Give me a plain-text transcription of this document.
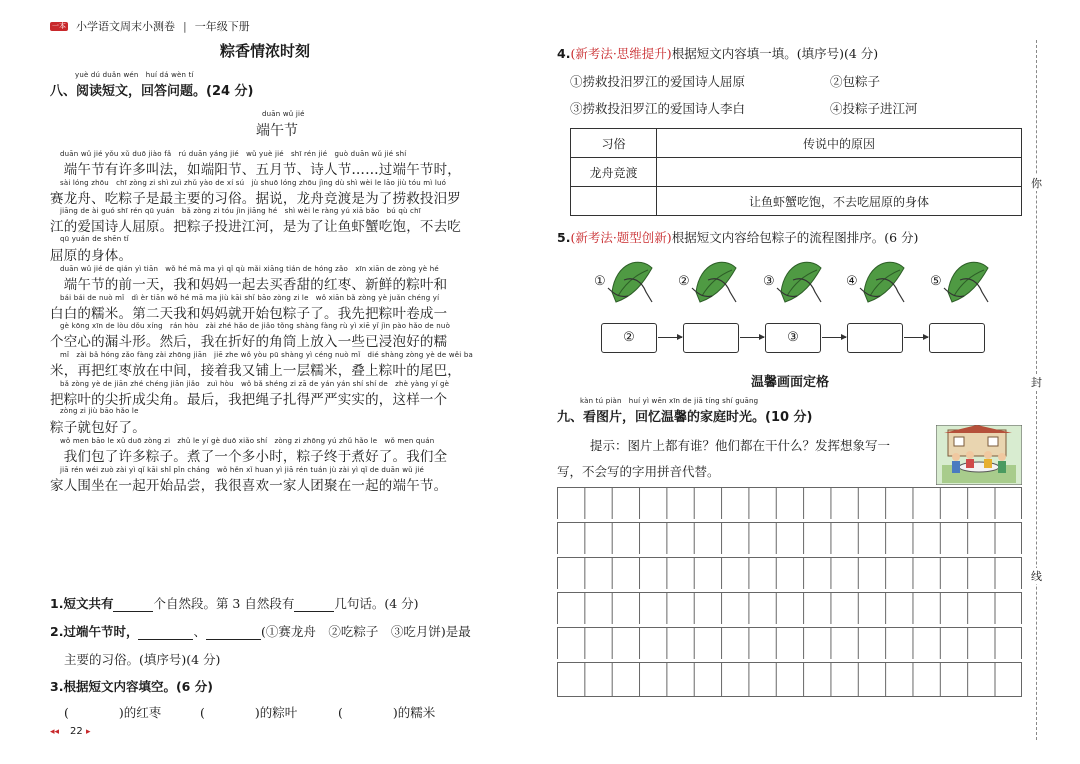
一本 小学语文周末小测卷 | 一年级下册
粽香情浓时刻
yuè dú duǎn wén　huí dá wèn tí
八、阅读短文，回答问题。(24 分)
duān wǔ jié
端午节
duān wǔ jié yǒu xǔ duō jiào fǎ　rú duān yáng jié　wǔ yuè jié　shī rén jié　guò duān wǔ jié shí
　端午节有许多叫法，如端阳节、五月节、诗人节……过端午节时，
sài lóng zhōu　chī zòng zi shì zuì zhǔ yào de xí sú　jù shuō lóng zhōu jìng dù shì wèi le lāo jiù tóu mì luó
赛龙舟、吃粽子是最主要的习俗。据说，龙舟竞渡是为了捞救投汨罗
jiāng de ài guó shī rén qū yuán　bǎ zòng zi tóu jìn jiāng hé　shì wèi le ràng yú xiā bǎo　bú qù chī
江的爱国诗人屈原。把粽子投进江河，是为了让鱼虾蟹吃饱，不去吃
qū yuán de shēn tǐ
屈原的身体。
duān wǔ jié de qián yì tiān　wǒ hé mā ma yì qǐ qù mǎi xiāng tián de hóng zǎo　xīn xiān de zòng yè hé
　端午节的前一天，我和妈妈一起去买香甜的红枣、新鲜的粽叶和
bái bái de nuò mǐ　dì èr tiān wǒ hé mā ma jiù kāi shǐ bāo zòng zi le　wǒ xiān bǎ zòng yè juǎn chéng yí
白白的糯米。第二天我和妈妈就开始包粽子了。我先把粽叶卷成一
gè kōng xīn de lòu dǒu xíng　rán hòu　zài zhé hǎo de jiǎo tǒng shàng fàng rù yì xiē yǐ jìn pào hǎo de nuò
个空心的漏斗形。然后，我在折好的角筒上放入一些已浸泡好的糯
mǐ　zài bǎ hóng zǎo fàng zài zhōng jiān　jiē zhe wǒ yòu pū shàng yì céng nuò mǐ　dié shàng zòng yè de wěi ba
米，再把红枣放在中间，接着我又铺上一层糯米，叠上粽叶的尾巴，
bǎ zòng yè de jiān zhé chéng jiān jiǎo　zuì hòu　wǒ bǎ shéng zi zā de yán yán shí shí de　zhè yàng yí gè
把粽叶的尖折成尖角。最后，我把绳子扎得严严实实的，这样一个
zòng zi jiù bāo hǎo le
粽子就包好了。
wǒ men bāo le xǔ duō zòng zi　zhǔ le yí gè duō xiǎo shí　zòng zi zhōng yú zhǔ hǎo le　wǒ men quán
　我们包了许多粽子。煮了一个多小时，粽子终于煮好了。我们全
jiā rén wéi zuò zài yì qǐ kāi shǐ pǐn cháng　wǒ hěn xǐ huan yì jiā rén tuán jù zài yì qǐ de duān wǔ jié
家人围坐在一起开始品尝，我很喜欢一家人团聚在一起的端午节。
1.短文共有	个自然段。第 3 自然段有	几句话。(4 分)
2.过端午节时，	、	(①赛龙舟　②吃粽子　③吃月饼)是最
主要的习俗。(填序号)(4 分)
3.根据短文内容填空。(6 分)
(　　　　)的红枣	(　　　　)的粽叶	(　　　　)的糯米
◂◂ 22 ▸
4.(新考法·思维提升)根据短文内容填一填。(填序号)(4 分)
①捞救投汨罗江的爱国诗人屈原	②包粽子
③捞救投汨罗江的爱国诗人李白	④投粽子进江河
习俗	传说中的原因
龙舟竞渡	
	让鱼虾蟹吃饱，不去吃屈原的身体
5.(新考法·题型创新)根据短文内容给包粽子的流程图排序。(6 分)
①	②	③	④	⑤
②	③
温馨画面定格
kàn tú piàn　huí yì wēn xīn de jiā tíng shí guāng
九、看图片，回忆温馨的家庭时光。(10 分)
提示：图片上都有谁？他们都在干什么？发挥想象写一
写，不会写的字用拼音代替。
你
封
线
